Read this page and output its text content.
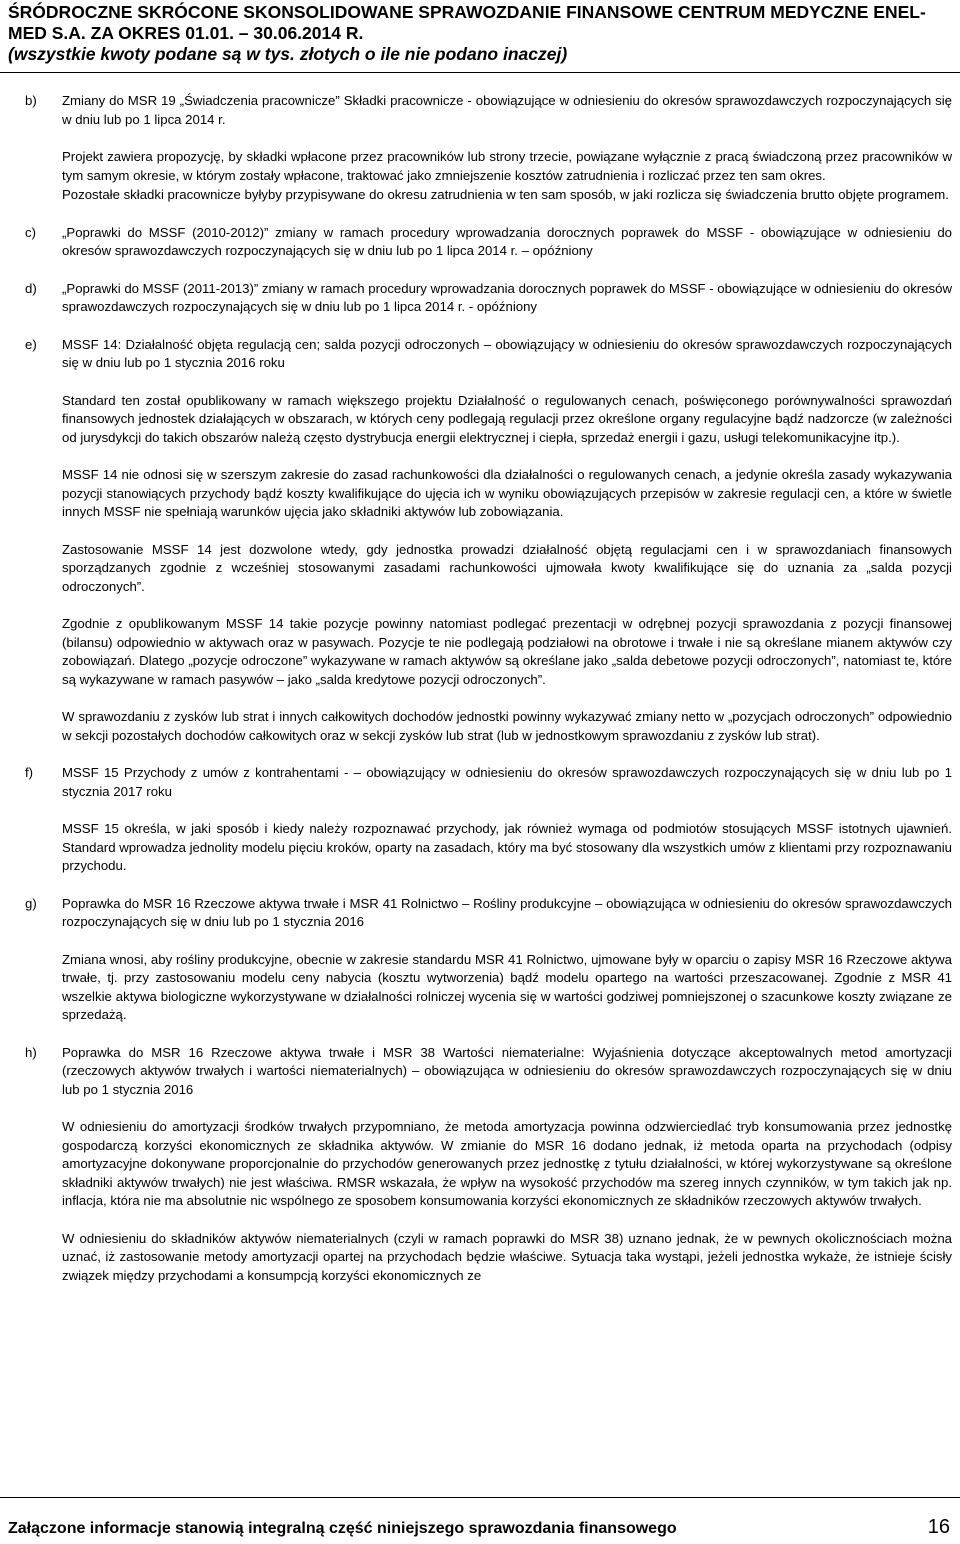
ŚRÓDROCZNE SKRÓCONE SKONSOLIDOWANE SPRAWOZDANIE FINANSOWE CENTRUM MEDYCZNE ENEL-
MED S.A. ZA OKRES 01.01. – 30.06.2014 R.
(wszystkie kwoty podane są w tys. złotych o ile nie podano inaczej)
b) Zmiany do MSR 19 „Świadczenia pracownicze” Składki pracownicze - obowiązujące w odniesieniu do okresów sprawozdawczych rozpoczynających się w dniu lub po 1 lipca 2014 r.
Projekt zawiera propozycję, by składki wpłacone przez pracowników lub strony trzecie, powiązane wyłącznie z pracą świadczoną przez pracowników w tym samym okresie, w którym zostały wpłacone, traktować jako zmniejszenie kosztów zatrudnienia i rozliczać przez ten sam okres.
Pozostałe składki pracownicze byłyby przypisywane do okresu zatrudnienia w ten sam sposób, w jaki rozlicza się świadczenia brutto objęte programem.
c) „Poprawki do MSSF (2010-2012)” zmiany w ramach procedury wprowadzania dorocznych poprawek do MSSF - obowiązujące w odniesieniu do okresów sprawozdawczych rozpoczynających się w dniu lub po 1 lipca 2014 r. – opóźniony
d) „Poprawki do MSSF (2011-2013)” zmiany w ramach procedury wprowadzania dorocznych poprawek do MSSF - obowiązujące w odniesieniu do okresów sprawozdawczych rozpoczynających się w dniu lub po 1 lipca 2014 r. - opóźniony
e) MSSF 14: Działalność objęta regulacją cen; salda pozycji odroczonych – obowiązujący w odniesieniu do okresów sprawozdawczych rozpoczynających się w dniu lub po 1 stycznia 2016 roku
Standard ten został opublikowany w ramach większego projektu Działalność o regulowanych cenach, poświęconego porównywalności sprawozdań finansowych jednostek działających w obszarach, w których ceny podlegają regulacji przez określone organy regulacyjne bądź nadzorcze (w zależności od jurysdykcji do takich obszarów należą często dystrybucja energii elektrycznej i ciepła, sprzedaż energii i gazu, usługi telekomunikacyjne itp.).
MSSF 14 nie odnosi się w szerszym zakresie do zasad rachunkowości dla działalności o regulowanych cenach, a jedynie określa zasady wykazywania pozycji stanowiących przychody bądź koszty kwalifikujące do ujęcia ich w wyniku obowiązujących przepisów w zakresie regulacji cen, a które w świetle innych MSSF nie spełniają warunków ujęcia jako składniki aktywów lub zobowiązania.
Zastosowanie MSSF 14 jest dozwolone wtedy, gdy jednostka prowadzi działalność objętą regulacjami cen i w sprawozdaniach finansowych sporządzanych zgodnie z wcześniej stosowanymi zasadami rachunkowości ujmowała kwoty kwalifikujące się do uznania za „salda pozycji odroczonych”.
Zgodnie z opublikowanym MSSF 14 takie pozycje powinny natomiast podlegać prezentacji w odrębnej pozycji sprawozdania z pozycji finansowej (bilansu) odpowiednio w aktywach oraz w pasywach. Pozycje te nie podlegają podziałowi na obrotowe i trwałe i nie są określane mianem aktywów czy zobowiązań. Dlatego „pozycje odroczone” wykazywane w ramach aktywów są określane jako „salda debetowe pozycji odroczonych”, natomiast te, które są wykazywane w ramach pasywów – jako „salda kredytowe pozycji odroczonych”.
W sprawozdaniu z zysków lub strat i innych całkowitych dochodów jednostki powinny wykazywać zmiany netto w „pozycjach odroczonych” odpowiednio w sekcji pozostałych dochodów całkowitych oraz w sekcji zysków lub strat (lub w jednostkowym sprawozdaniu z zysków lub strat).
f) MSSF 15 Przychody z umów z kontrahentami - – obowiązujący w odniesieniu do okresów sprawozdawczych rozpoczynających się w dniu lub po 1 stycznia 2017 roku
MSSF 15 określa, w jaki sposób i kiedy należy rozpoznawać przychody, jak również wymaga od podmiotów stosujących MSSF istotnych ujawnień. Standard wprowadza jednolity modelu pięciu kroków, oparty na zasadach, który ma być stosowany dla wszystkich umów z klientami przy rozpoznawaniu przychodu.
g) Poprawka do MSR 16 Rzeczowe aktywa trwałe i MSR 41 Rolnictwo – Rośliny produkcyjne – obowiązująca w odniesieniu do okresów sprawozdawczych rozpoczynających się w dniu lub po 1 stycznia 2016
Zmiana wnosi, aby rośliny produkcyjne, obecnie w zakresie standardu MSR 41 Rolnictwo, ujmowane były w oparciu o zapisy MSR 16 Rzeczowe aktywa trwałe, tj. przy zastosowaniu modelu ceny nabycia (kosztu wytworzenia) bądź modelu opartego na wartości przeszacowanej. Zgodnie z MSR 41 wszelkie aktywa biologiczne wykorzystywane w działalności rolniczej wycenia się w wartości godziwej pomniejszonej o szacunkowe koszty związane ze sprzedażą.
h) Poprawka do MSR 16 Rzeczowe aktywa trwałe i MSR 38 Wartości niematerialne: Wyjaśnienia dotyczące akceptowalnych metod amortyzacji (rzeczowych aktywów trwałych i wartości niematerialnych) – obowiązująca w odniesieniu do okresów sprawozdawczych rozpoczynających się w dniu lub po 1 stycznia 2016
W odniesieniu do amortyzacji środków trwałych przypomniano, że metoda amortyzacja powinna odzwierciedlać tryb konsumowania przez jednostkę gospodarczą korzyści ekonomicznych ze składnika aktywów. W zmianie do MSR 16 dodano jednak, iż metoda oparta na przychodach (odpisy amortyzacyjne dokonywane proporcjonalnie do przychodów generowanych przez jednostkę z tytułu działalności, w której wykorzystywane są określone składniki aktywów trwałych) nie jest właściwa. RMSR wskazała, że wpływ na wysokość przychodów ma szereg innych czynników, w tym takich jak np. inflacja, która nie ma absolutnie nic wspólnego ze sposobem konsumowania korzyści ekonomicznych ze składników rzeczowych aktywów trwałych.
W odniesieniu do składników aktywów niematerialnych (czyli w ramach poprawki do MSR 38) uznano jednak, że w pewnych okolicznościach można uznać, iż zastosowanie metody amortyzacji opartej na przychodach będzie właściwe. Sytuacja taka wystąpi, jeżeli jednostka wykaże, że istnieje ścisły związek między przychodami a konsumpcją korzyści ekonomicznych ze
Załączone informacje stanowią integralną część niniejszego sprawozdania finansowego	16
